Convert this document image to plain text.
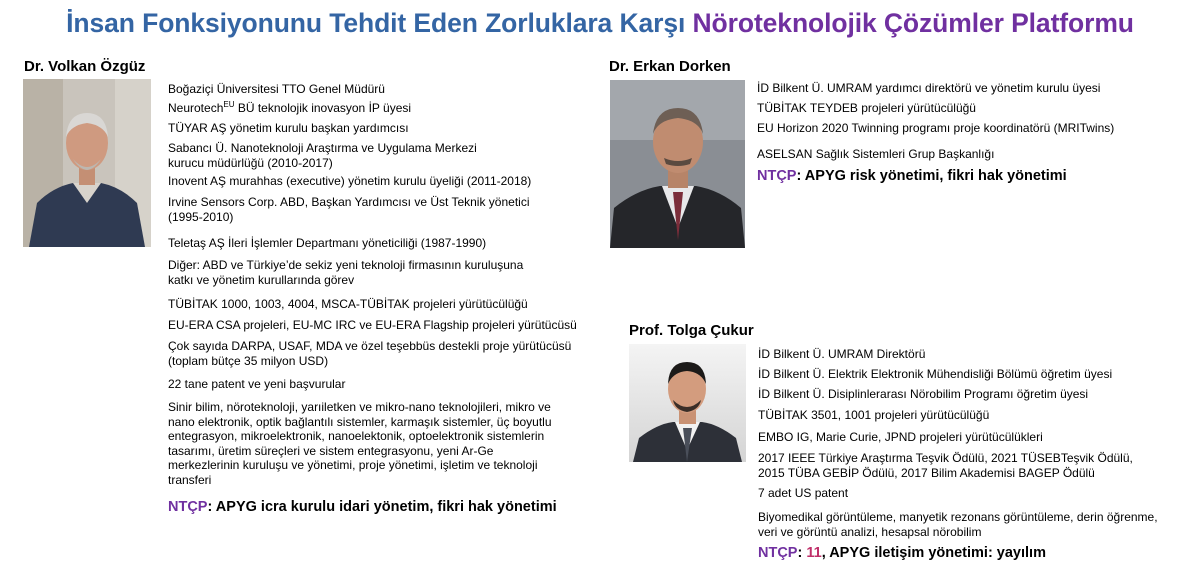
İnsan Fonksiyonunu Tehdit Eden Zorluklara Karşı Nöroteknolojik Çözümler Platformu
Dr. Volkan Özgüz
Boğaziçi Üniversitesi TTO Genel Müdürü
Neurotech$^{EU}$ BÜ teknolojik inovasyon İP üyesi
TÜYAR AŞ yönetim kurulu başkan yardımcısı
Sabancı Ü. Nanoteknoloji Araştırma ve Uygulama Merkezi
kurucu müdürlüğü (2010-2017)
Inovent AŞ murahhas (executive) yönetim kurulu üyeliği (2011-2018)
Irvine Sensors Corp. ABD, Başkan Yardımcısı ve Üst Teknik yönetici
(1995-2010)
Teletaş AŞ İleri İşlemler Departmanı yöneticiliği (1987-1990)
Diğer: ABD ve Türkiye’de sekiz yeni teknoloji firmasının kuruluşuna
katkı ve yönetim kurullarında görev
TÜBİTAK 1000, 1003, 4004, MSCA-TÜBİTAK projeleri yürütücülüğü
EU-ERA CSA projeleri, EU-MC IRC ve EU-ERA Flagship projeleri yürütücüsü
Çok sayıda DARPA, USAF, MDA ve özel teşebbüs destekli proje yürütücüsü
(toplam bütçe 35 milyon USD)
22 tane patent ve yeni başvurular
Sinir bilim, nöroteknoloji, yarıiletken ve mikro-nano teknolojileri, mikro ve
nano elektronik, optik bağlantılı sistemler, karmaşık sistemler, üç boyutlu
entegrasyon, mikroelektronik, nanoelektonik, optoelektronik sistemlerin
tasarımı, üretim süreçleri ve sistem entegrasyonu, yeni Ar-Ge
merkezlerinin kuruluşu ve yönetimi, proje yönetimi, işletim ve teknoloji
transferi
NTÇP: APYG icra kurulu idari yönetim, fikri hak yönetimi
Dr. Erkan Dorken
İD Bilkent Ü. UMRAM yardımcı direktörü ve yönetim kurulu üyesi
TÜBİTAK TEYDEB projeleri yürütücülüğü
EU Horizon 2020 Twinning programı proje koordinatörü (MRITwins)
ASELSAN Sağlık Sistemleri Grup Başkanlığı
NTÇP: APYG risk yönetimi, fikri hak yönetimi
Prof. Tolga Çukur
İD Bilkent Ü. UMRAM Direktörü
İD Bilkent Ü. Elektrik Elektronik Mühendisliği Bölümü öğretim üyesi
İD Bilkent Ü. Disiplinlerarası Nörobilim Programı öğretim üyesi
TÜBİTAK 3501, 1001 projeleri yürütücülüğü
EMBO IG, Marie Curie, JPND projeleri yürütücülükleri
2017 IEEE Türkiye Araştırma Teşvik Ödülü, 2021 TÜSEBTeşvik Ödülü,
2015 TÜBA GEBİP Ödülü, 2017 Bilim Akademisi BAGEP Ödülü
7 adet US patent
Biyomedikal görüntüleme, manyetik rezonans görüntüleme, derin öğrenme,
veri ve görüntü analizi, hesapsal nörobilim
NTÇP: 11, APYG iletişim yönetimi: yayılım
